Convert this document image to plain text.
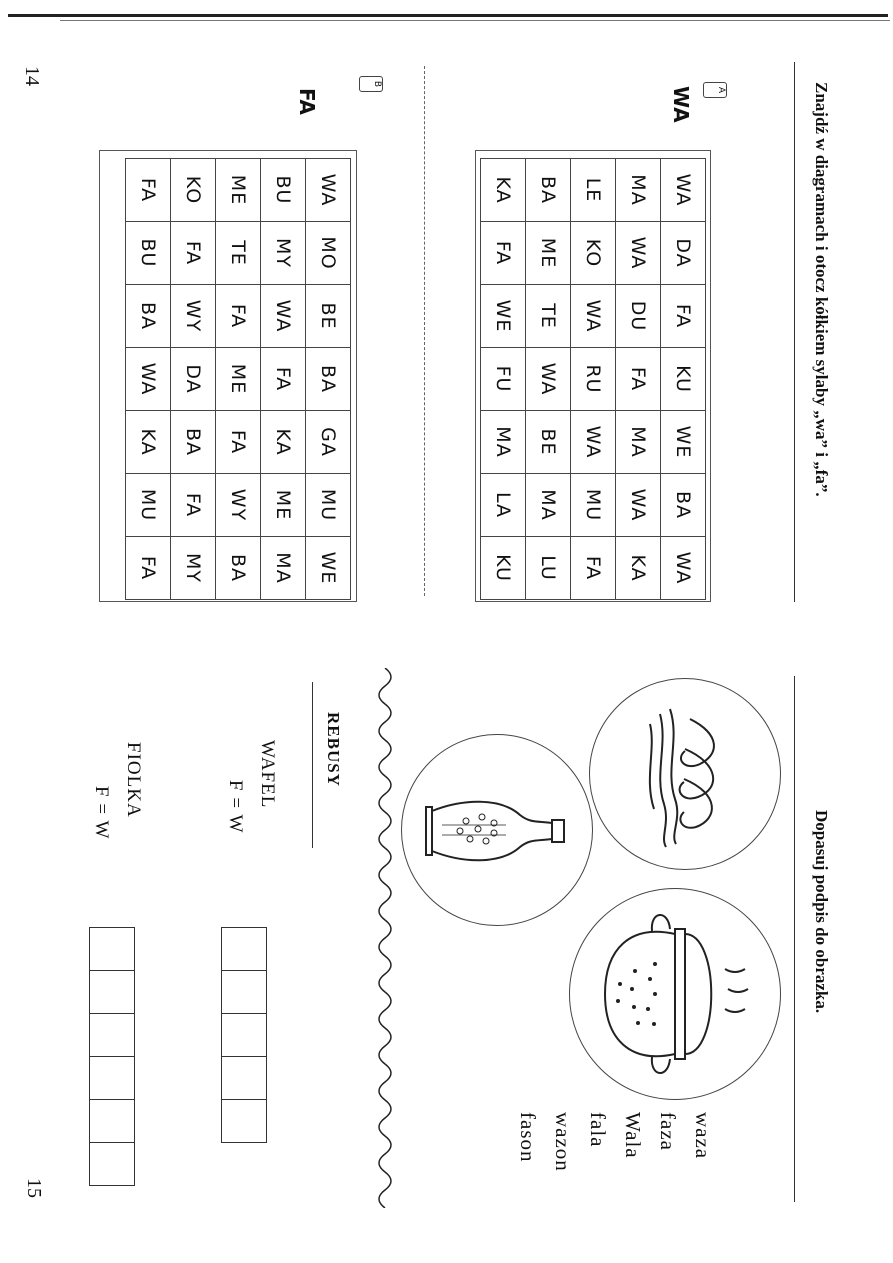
Znajdź w diagramach i otocz kółkiem sylaby „wa” i „fa”.
A
WA
WA	DA	FA	KU	WE	BA	WA
MA	WA	DU	FA	MA	WA	KA
LE	KO	WA	RU	WA	MU	FA
BA	ME	TE	WA	BE	MA	LU
KA	FA	WE	FU	MA	LA	KU
B
FA
WA	MO	BE	BA	GA	MU	WE
BU	MY	WA	FA	KA	ME	MA
ME	TE	FA	ME	FA	WY	BA
KO	FA	WY	DA	BA	FA	MY
FA	BU	BA	WA	KA	MU	FA
14
Dopasuj podpis do obrazka.
waza
faza
Wala
fala
wazon
fason
REBUSY
WAFEL
F = W
FIOLKA
F = W
15
